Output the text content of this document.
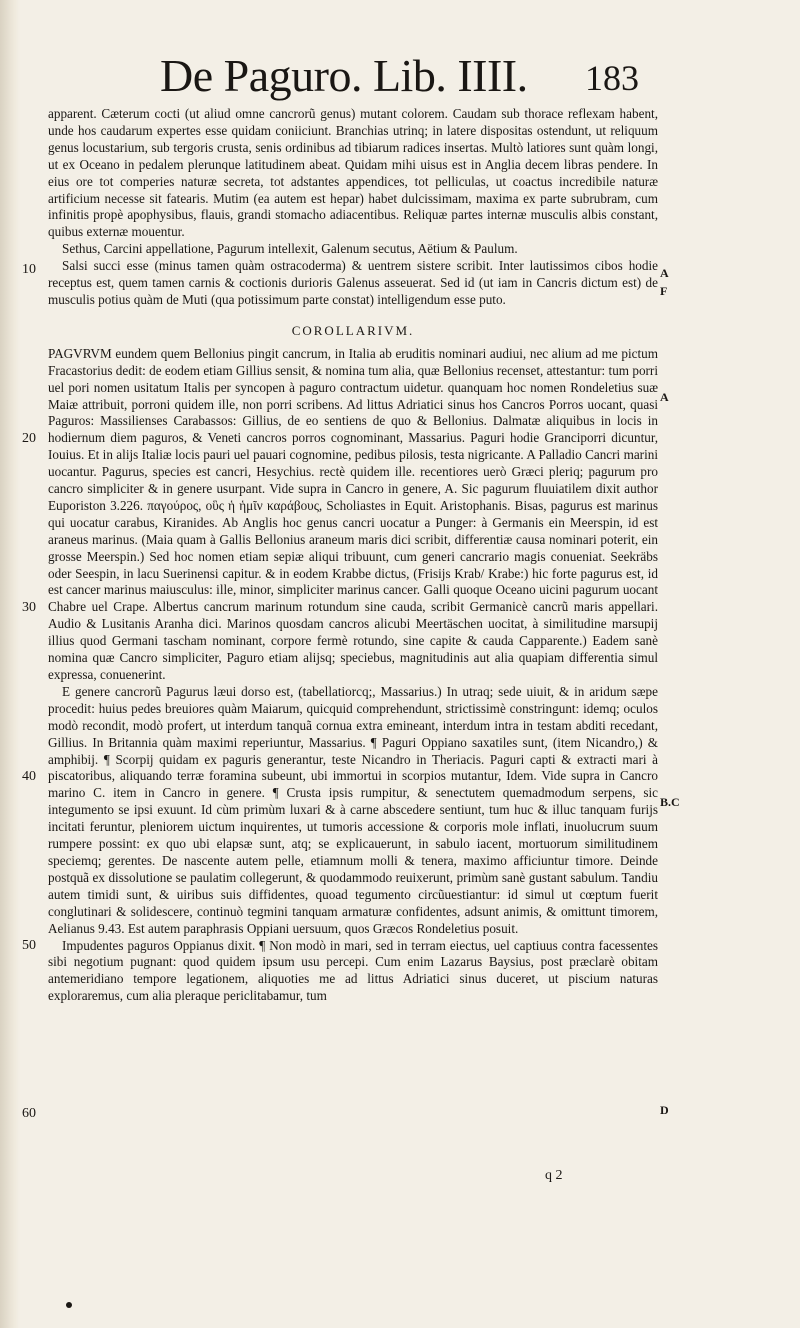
De Paguro. Lib. IIII. 183

apparent. Cæterum cocti (ut aliud omne cancrorũ genus) mutant colorem. Caudam sub thorace reflexam habent, unde hos caudarum expertes esse quidam coniiciunt. Branchias utrinq; in latere dispositas ostendunt, ut reliquum genus locustarium, sub tergoris crusta, senis ordinibus ad tibiarum radices insertas. Multò latiores sunt quàm longi, ut ex Oceano in pedalem plerunque latitudinem abeat. Quidam mihi uisus est in Anglia decem libras pendere. In eius ore tot comperies naturæ secreta, tot adstantes appendices, tot pelliculas, ut coactus incredibile naturæ artificium necesse sit fatearis. Mutim (ea autem est hepar) habet dulcissimam, maxima ex parte subrubram, cum infinitis propè apophysibus, flauis, grandi stomacho adiacentibus. Reliquæ partes internæ musculis albis constant, quibus externæ mouentur.

Sethus, Carcini appellatione, Pagurum intellexit, Galenum secutus, Aëtium & Paulum.

Salsi succi esse (minus tamen quàm ostracoderma) & uentrem sistere scribit. Inter lautissimos cibos hodie receptus est, quem tamen carnis & coctionis durioris Galenus asseuerat. Sed id (ut iam in Cancris dictum est) de musculis potius quàm de Muti (qua potissimum parte constat) intelligendum esse puto.

COROLLARIVM.

PAGVRVM eundem quem Bellonius pingit cancrum, in Italia ab eruditis nominari audiui, nec alium ad me pictum Fracastorius dedit: de eodem etiam Gillius sensit, & nomina tum alia, quæ Bellonius recenset, attestantur: tum porri uel pori nomen usitatum Italis per syncopen à paguro contractum uidetur. quanquam hoc nomen Rondeletius suæ Maiæ attribuit, porroni quidem ille, non porri scribens. Ad littus Adriatici sinus hos Cancros Porros uocant, quasi Paguros: Massilienses Carabassos: Gillius, de eo sentiens de quo & Bellonius. Dalmatæ aliquibus in locis in hodiernum diem paguros, & Veneti cancros porros cognominant, Massarius. Paguri hodie Granciporri dicuntur, Iouius. Et in alijs Italiæ locis pauri uel pauari cognomine, pedibus pilosis, testa nigricante. A Palladio Cancri marini uocantur. Pagurus, species est cancri, Hesychius. rectè quidem ille. recentiores uerò Græci pleriq; pagurum pro cancro simpliciter & in genere usurpant. Vide supra in Cancro in genere, A. Sic pagurum fluuiatilem dixit author Euporiston 3.226. παγούρος, οὓς ἡ ἡμῖν καράβους, Scholiastes in Equit. Aristophanis. Bisas, pagurus est marinus qui uocatur carabus, Kiranides. Ab Anglis hoc genus cancri uocatur a Punger: à Germanis ein Meerspin, id est araneus marinus. (Maia quam à Gallis Bellonius araneum maris dici scribit, differentiæ causa nominari poterit, ein grosse Meerspin.) Sed hoc nomen etiam sepiæ aliqui tribuunt, cum generi cancrario magis conueniat. Seekräbs oder Seespin, in lacu Suerinensi capitur. & in eodem Krabbe dictus, (Frisijs Krab/ Krabe:) hic forte pagurus est, id est cancer marinus maiusculus: ille, minor, simpliciter marinus cancer. Galli quoque Oceano uicini pagurum uocant Chabre uel Crape. Albertus cancrum marinum rotundum sine cauda, scribit Germanicè cancrũ maris appellari. Audio & Lusitanis Aranha dici. Marinos quosdam cancros alicubi Meertäschen uocitat, à similitudine marsupij illius quod Germani tascham nominant, corpore fermè rotundo, sine capite & cauda Capparente.) Eadem sanè nomina quæ Cancro simpliciter, Paguro etiam alijsq; speciebus, magnitudinis aut alia quapiam differentia simul expressa, conuenerint.

E genere cancrorũ Pagurus læui dorso est, (tabellatiorcq;, Massarius.) In utraq; sede uiuit, & in aridum sæpe procedit: huius pedes breuiores quàm Maiarum, quicquid comprehendunt, strictissimè constringunt: idemq; oculos modò recondit, modò profert, ut interdum tanquã cornua extra emineant, interdum intra in testam abditi recedant, Gillius. In Britannia quàm maximi reperiuntur, Massarius. ¶ Paguri Oppiano saxatiles sunt, (item Nicandro,) & amphibij. ¶ Scorpij quidam ex paguris generantur, teste Nicandro in Theriacis. Paguri capti & extracti mari à piscatoribus, aliquando terræ foramina subeunt, ubi immortui in scorpios mutantur, Idem. Vide supra in Cancro marino C. item in Cancro in genere. ¶ Crusta ipsis rumpitur, & senectutem quemadmodum serpens, sic integumento se ipsi exuunt. Id cùm primùm luxari & à carne abscedere sentiunt, tum huc & illuc tanquam furijs incitati feruntur, pleniorem uictum inquirentes, ut tumoris accessione & corporis mole inflati, inuolucrum suum rumpere possint: ex quo ubi elapsæ sunt, atq; se explicauerunt, in sabulo iacent, mortuorum similitudinem speciemq; gerentes. De nascente autem pelle, etiamnum molli & tenera, maximo afficiuntur timore. Deinde postquã ex dissolutione se paulatim collegerunt, & quodammodo reuixerunt, primùm sanè gustant sabulum. Tandiu autem timidi sunt, & uiribus suis diffidentes, quoad tegumento circũuestiantur: id simul ut cœptum fuerit conglutinari & solidescere, continuò tegmini tanquam armaturæ confidentes, adsunt animis, & omittunt timorem, Aelianus 9.43. Est autem paraphrasis Oppiani uersuum, quos Græcos Rondeletius posuit.

Impudentes paguros Oppianus dixit. ¶ Non modò in mari, sed in terram eiectus, uel captiuus contra facessentes sibi negotium pugnant: quod quidem ipsum usu percepi. Cum enim Lazarus Baysius, post præclarè obitam antemeridiano tempore legationem, aliquoties me ad littus Adriatici sinus duceret, ut piscium naturas exploraremus, cum alia pleraque periclitabamur, tum

10
20
30
40
50
60
A
F
A
B.C
D
q 2
